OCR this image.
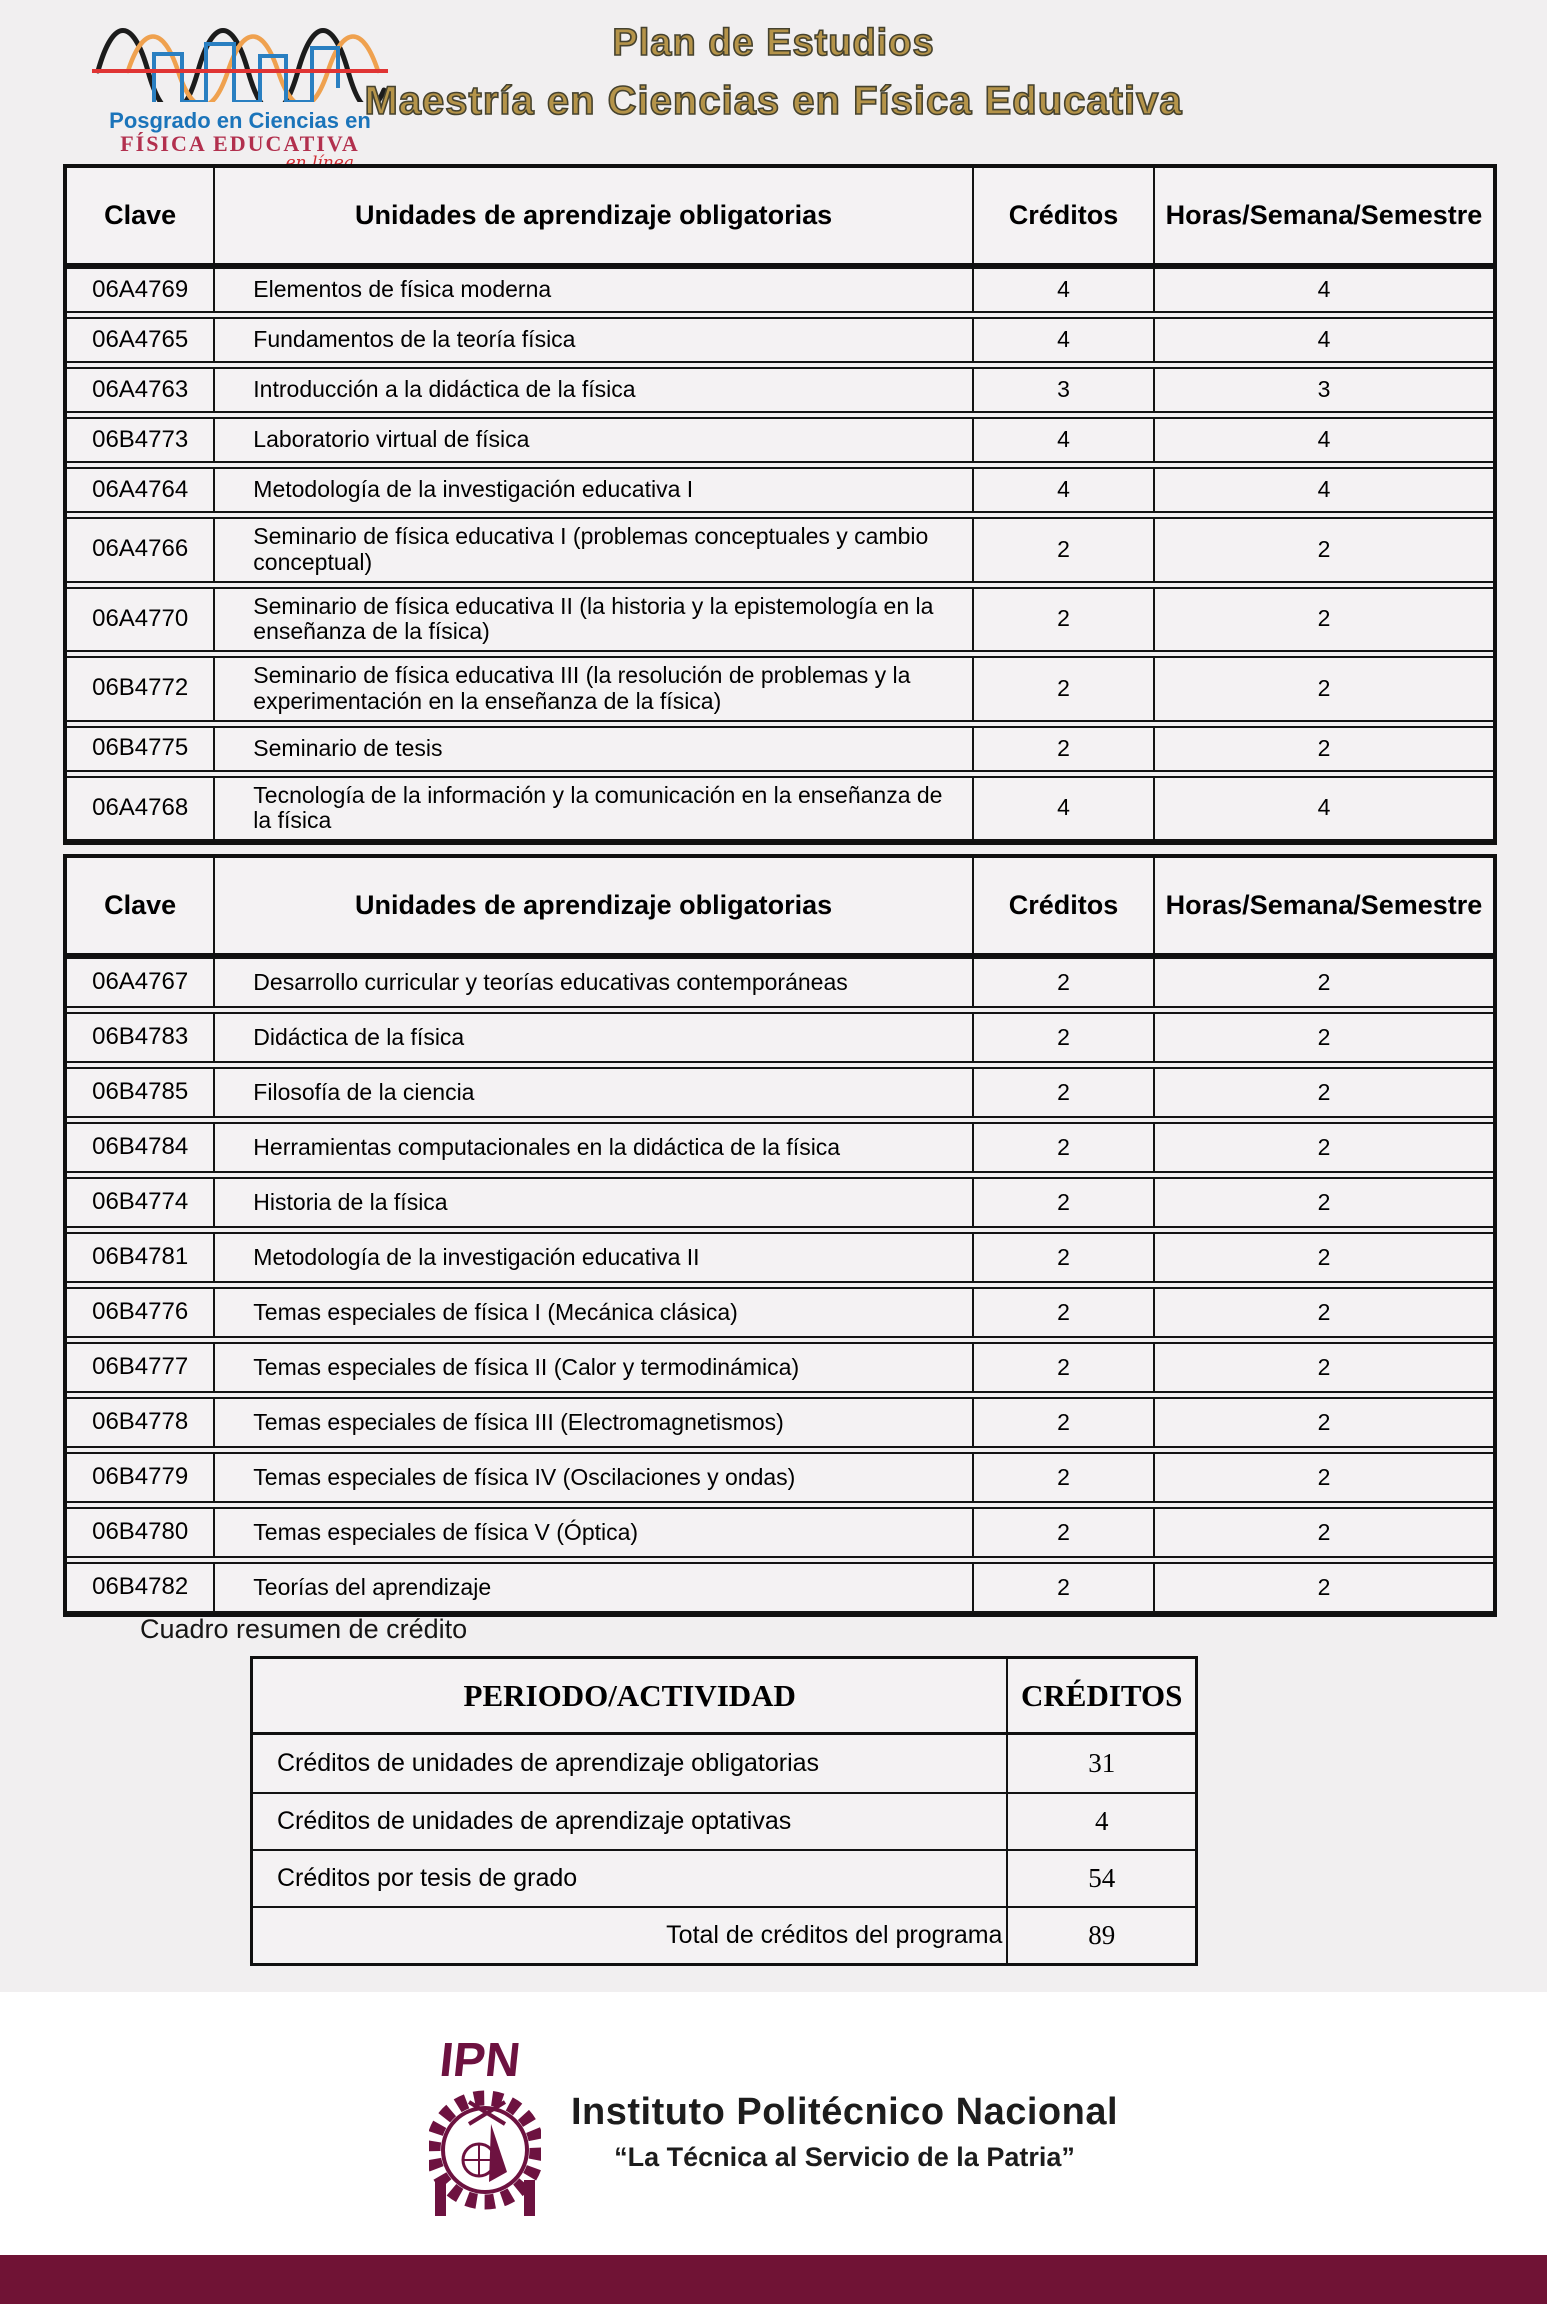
Posgrado en Ciencias en
FÍSICA EDUCATIVA
Plan de Estudios
Maestría en Ciencias en Física Educativa
Clave	Unidades de aprendizaje obligatorias	Créditos	Horas/Semana/Semestre
06A4769	Elementos de física moderna	4	4
06A4765	Fundamentos de la teoría física	4	4
06A4763	Introducción a la didáctica de la física	3	3
06B4773	Laboratorio virtual de física	4	4
06A4764	Metodología de la investigación educativa I	4	4
06A4766	Seminario de física educativa I (problemas conceptuales y cambio conceptual)	2	2
06A4770	Seminario de física educativa II (la historia y la epistemología en la enseñanza de la física)	2	2
06B4772	Seminario de física educativa III (la resolución de problemas y la experimentación en la enseñanza de la física)	2	2
06B4775	Seminario de tesis	2	2
06A4768	Tecnología de la información y la comunicación en la enseñanza de la física	4	4
Clave	Unidades de aprendizaje obligatorias	Créditos	Horas/Semana/Semestre
06A4767	Desarrollo curricular y teorías educativas contemporáneas	2	2
06B4783	Didáctica de la física	2	2
06B4785	Filosofía de la ciencia	2	2
06B4784	Herramientas computacionales en la didáctica de la física	2	2
06B4774	Historia de la física	2	2
06B4781	Metodología de la investigación educativa II	2	2
06B4776	Temas especiales de física I (Mecánica clásica)	2	2
06B4777	Temas especiales de física II (Calor y termodinámica)	2	2
06B4778	Temas especiales de física III (Electromagnetismos)	2	2
06B4779	Temas especiales de física IV (Oscilaciones y ondas)	2	2
06B4780	Temas especiales de física V (Óptica)	2	2
06B4782	Teorías del aprendizaje	2	2
Cuadro resumen de crédito
PERIODO/ACTIVIDAD	CRÉDITOS
Créditos de unidades de aprendizaje obligatorias	31
Créditos de unidades de aprendizaje optativas	4
Créditos por tesis de grado	54
Total de créditos del programa	89
IPN
Instituto Politécnico Nacional
“La Técnica al Servicio de la Patria”
